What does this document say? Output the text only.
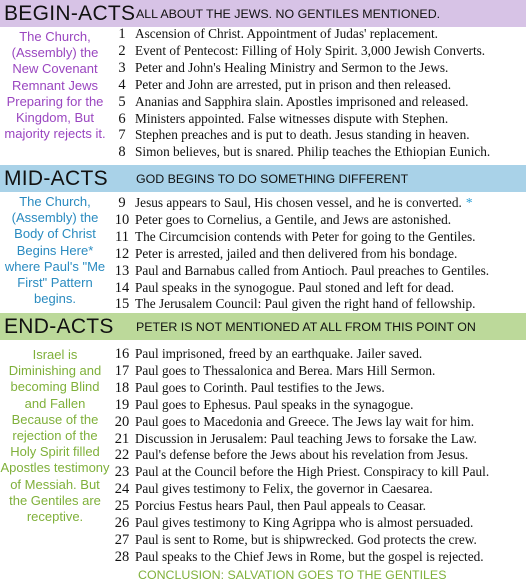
BEGIN-ACTS ALL ABOUT THE JEWS. NO GENTILES MENTIONED.
The Church, (Assembly) the New Covenant Remnant Jews Preparing for the Kingdom, But majority rejects it.
1 Ascension of Christ. Appointment of Judas' replacement.
2 Event of Pentecost: Filling of Holy Spirit. 3,000 Jewish Converts.
3 Peter and John's Healing Ministry and Sermon to the Jews.
4 Peter and John are arrested, put in prison and then released.
5 Ananias and Sapphira slain. Apostles imprisoned and released.
6 Ministers appointed. False witnesses dispute with Stephen.
7 Stephen preaches and is put to death. Jesus standing in heaven.
8 Simon believes, but is snared. Philip teaches the Ethiopian Eunich.
MID-ACTS	GOD BEGINS TO DO SOMETHING DIFFERENT
The Church, (Assembly) the Body of Christ Begins Here* where Paul's "Me First" Pattern begins.
9 Jesus appears to Saul, His chosen vessel, and he is converted. *
10 Peter goes to Cornelius, a Gentile, and Jews are astonished.
11 The Circumcision contends with Peter for going to the Gentiles.
12 Peter is arrested, jailed and then delivered from his bondage.
13 Paul and Barnabus called from Antioch. Paul preaches to Gentiles.
14 Paul speaks in the synogogue. Paul stoned and left for dead.
15 The Jerusalem Council: Paul given the right hand of fellowship.
END-ACTS	PETER IS NOT MENTIONED AT ALL FROM THIS POINT ON
Israel is Diminishing and becoming Blind and Fallen Because of the rejection of the Holy Spirit filled Apostles testimony of Messiah. But the Gentiles are receptive.
16 Paul imprisoned, freed by an earthquake. Jailer saved.
17 Paul goes to Thessalonica and Berea. Mars Hill Sermon.
18 Paul goes to Corinth. Paul testifies to the Jews.
19 Paul goes to Ephesus. Paul speaks in the synagogue.
20 Paul goes to Macedonia and Greece. The Jews lay wait for him.
21 Discussion in Jerusalem: Paul teaching Jews to forsake the Law.
22 Paul's defense before the Jews about his revelation from Jesus.
23 Paul at the Council before the High Priest. Conspiracy to kill Paul.
24 Paul gives testimony to Felix, the governor in Caesarea.
25 Porcius Festus hears Paul, then Paul appeals to Ceasar.
26 Paul gives testimony to King Agrippa who is almost persuaded.
27 Paul is sent to Rome, but is shipwrecked. God protects the crew.
28 Paul speaks to the Chief Jews in Rome, but the gospel is rejected.
CONCLUSION: SALVATION GOES TO THE GENTILES
